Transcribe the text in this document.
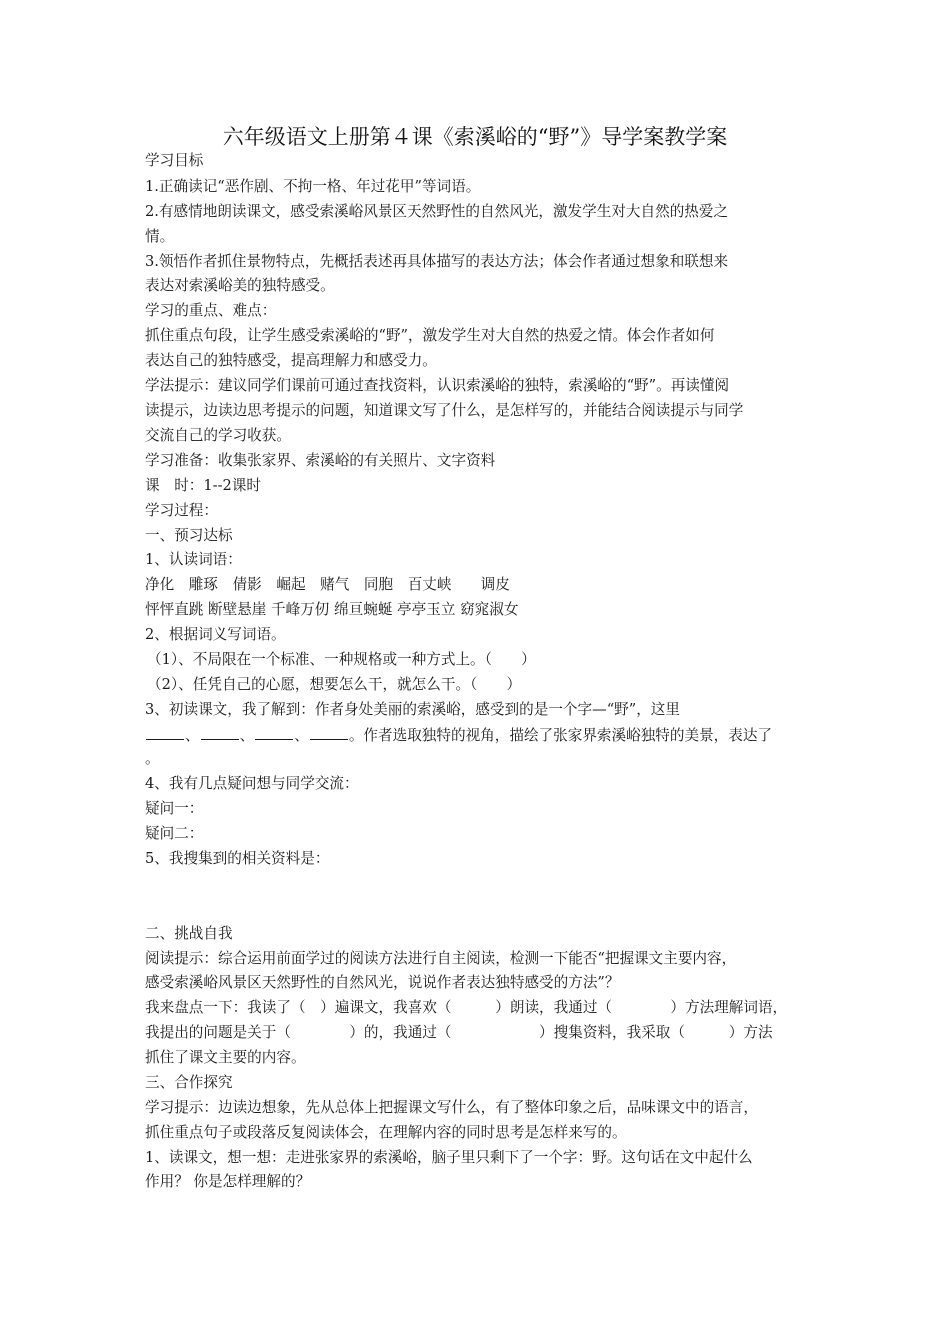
六年级语文上册第４课《索溪峪的“野”》导学案教学案
学习目标
1.正确读记“恶作剧、不拘一格、年过花甲”等词语。
2.有感情地朗读课文，感受索溪峪风景区天然野性的自然风光，激发学生对大自然的热爱之
情。
3.领悟作者抓住景物特点，先概括表述再具体描写的表达方法；体会作者通过想象和联想来
表达对索溪峪美的独特感受。
学习的重点、难点：
抓住重点句段，让学生感受索溪峪的“野”，激发学生对大自然的热爱之情。体会作者如何
表达自己的独特感受，提高理解力和感受力。
学法提示：建议同学们课前可通过查找资料，认识索溪峪的独特，索溪峪的“野”。再读懂阅
读提示，边读边思考提示的问题，知道课文写了什么，是怎样写的，并能结合阅读提示与同学
交流自己的学习收获。
学习准备：收集张家界、索溪峪的有关照片、文字资料
课　时：1--2课时
学习过程：
一、预习达标
1、认读词语：
净化　雕琢　倩影　崛起　赌气　同胞　百丈峡　　调皮
怦怦直跳 断壁悬崖 千峰万仞 绵亘蜿蜒 亭亭玉立 窈窕淑女
2、根据词义写词语。
（1）、不局限在一个标准、一种规格或一种方式上。（　　）
（2）、任凭自己的心愿，想要怎么干，就怎么干。（　　）
3、初读课文，我了解到：作者身处美丽的索溪峪，感受到的是一个字—“野”，这里
、	、	、	。作者选取独特的视角，描绘了张家界索溪峪独特的美景，表达了
。
4、我有几点疑问想与同学交流：
疑问一：
疑问二：
5、我搜集到的相关资料是：
二、挑战自我
阅读提示：综合运用前面学过的阅读方法进行自主阅读，检测一下能否“把握课文主要内容，
感受索溪峪风景区天然野性的自然风光，说说作者表达独特感受的方法”？
我来盘点一下：我读了（　）遍课文，我喜欢（　　　）朗读，我通过（　　　　）方法理解词语，
我提出的问题是关于（　　　　）的，我通过（　　　　　　）搜集资料，我采取（　　　）方法
抓住了课文主要的内容。
三、合作探究
学习提示：边读边想象，先从总体上把握课文写什么，有了整体印象之后，品味课文中的语言，
抓住重点句子或段落反复阅读体会，在理解内容的同时思考是怎样来写的。
1、读课文，想一想：走进张家界的索溪峪，脑子里只剩下了一个字：野。这句话在文中起什么
作用？ 你是怎样理解的？
